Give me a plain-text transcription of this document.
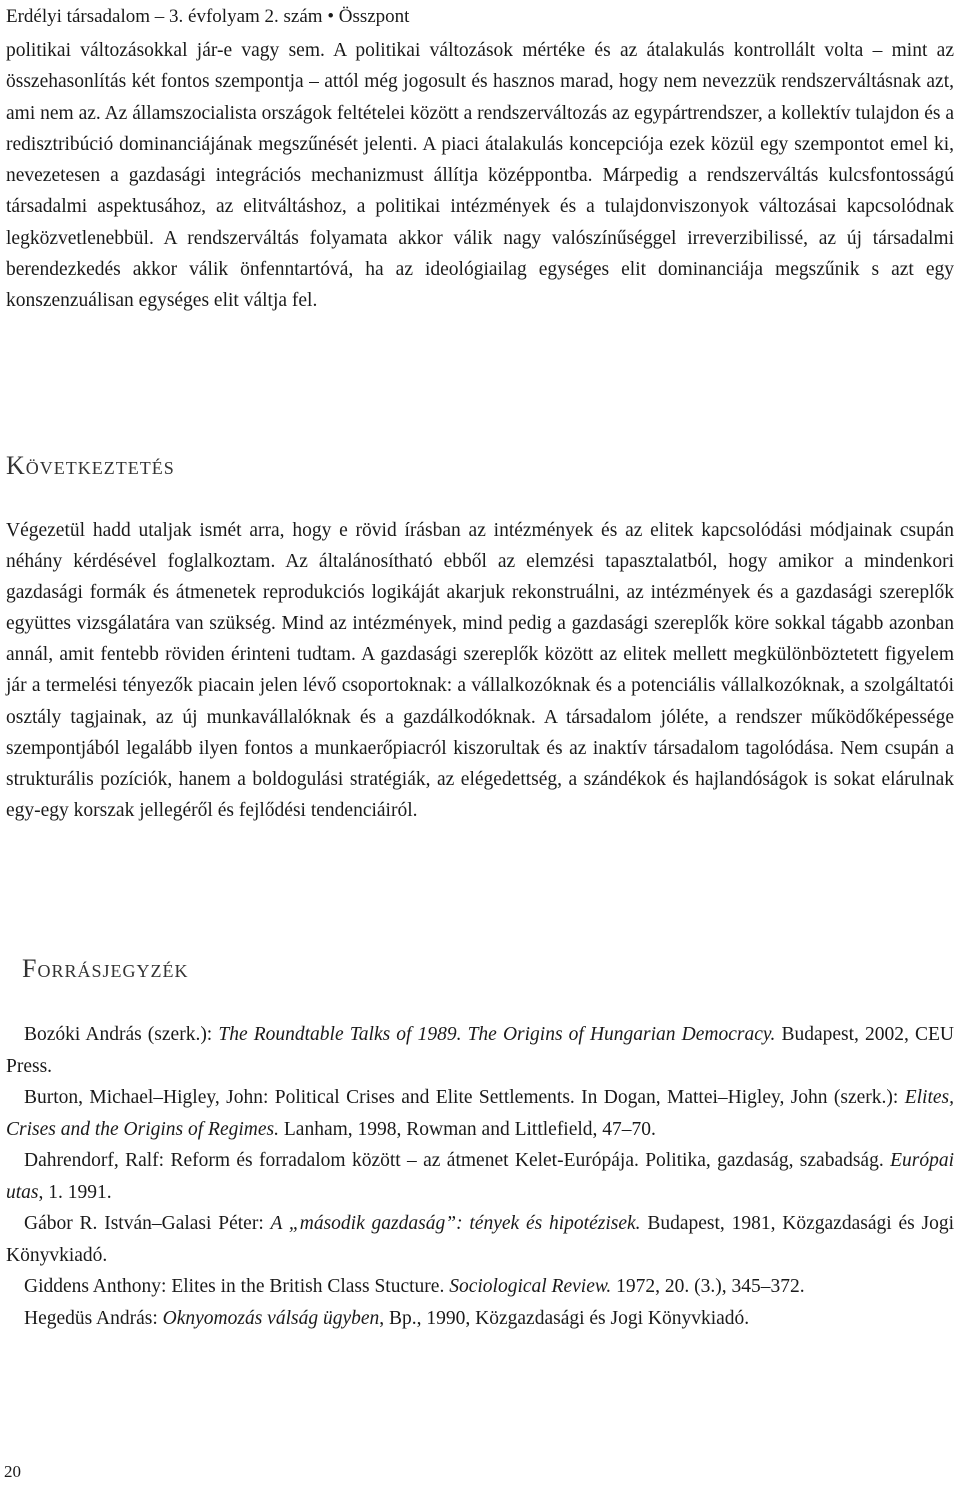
Erdélyi társadalom – 3. évfolyam 2. szám • Összpont

politikai változásokkal jár-e vagy sem. A politikai változások mértéke és az átalakulás kontrollált volta – mint az összehasonlítás két fontos szempontja – attól még jogosult és hasznos marad, hogy nem nevezzük rendszerváltásnak azt, ami nem az. Az államszocialista országok feltételei között a rendszerváltozás az egypártrendszer, a kollektív tulajdon és a redisztribúció dominanciájának megszűnését jelenti. A piaci átalakulás koncepciója ezek közül egy szempontot emel ki, nevezetesen a gazdasági integrációs mechanizmust állítja középpontba. Márpedig a rendszerváltás kulcsfontosságú társadalmi aspektusához, az elitváltáshoz, a politikai intézmények és a tulajdonviszonyok változásai kapcsolódnak legközvetlenebbül. A rendszerváltás folyamata akkor válik nagy valószínűséggel irreverzibilissé, az új társadalmi berendezkedés akkor válik önfenntartóvá, ha az ideológiailag egységes elit dominanciája megszűnik s azt egy konszenzuálisan egységes elit váltja fel.

Következtetés

Végezetül hadd utaljak ismét arra, hogy e rövid írásban az intézmények és az elitek kapcsolódási módjainak csupán néhány kérdésével foglalkoztam. Az általánosítható ebből az elemzési tapasztalatból, hogy amikor a mindenkori gazdasági formák és átmenetek reprodukciós logikáját akarjuk rekonstruálni, az intézmények és a gazdasági szereplők együttes vizsgálatára van szükség. Mind az intézmények, mind pedig a gazdasági szereplők köre sokkal tágabb azonban annál, amit fentebb röviden érinteni tudtam. A gazdasági szereplők között az elitek mellett megkülönböztetett figyelem jár a termelési tényezők piacain jelen lévő csoportoknak: a vállalkozóknak és a potenciális vállalkozóknak, a szolgáltatói osztály tagjainak, az új munkavállalóknak és a gazdálkodóknak. A társadalom jóléte, a rendszer működőképessége szempontjából legalább ilyen fontos a munkaerőpiacról kiszorultak és az inaktív társadalom tagolódása. Nem csupán a strukturális pozíciók, hanem a boldogulási stratégiák, az elégedettség, a szándékok és hajlandóságok is sokat elárulnak egy-egy korszak jellegéről és fejlődési tendenciáiról.

Forrásjegyzék

Bozóki András (szerk.): The Roundtable Talks of 1989. The Origins of Hungarian Democracy. Budapest, 2002, CEU Press.

Burton, Michael–Higley, John: Political Crises and Elite Settlements. In Dogan, Mattei–Higley, John (szerk.): Elites, Crises and the Origins of Regimes. Lanham, 1998, Rowman and Littlefield, 47–70.

Dahrendorf, Ralf: Reform és forradalom között – az átmenet Kelet-Európája. Politika, gazdaság, szabadság. Európai utas, 1. 1991.

Gábor R. István–Galasi Péter: A „második gazdaság”: tények és hipotézisek. Budapest, 1981, Közgazdasági és Jogi Könyvkiadó.

Giddens Anthony: Elites in the British Class Stucture. Sociological Review. 1972, 20. (3.), 345–372.

Hegedüs András: Oknyomozás válság ügyben, Bp., 1990, Közgazdasági és Jogi Könyvkiadó.

20
